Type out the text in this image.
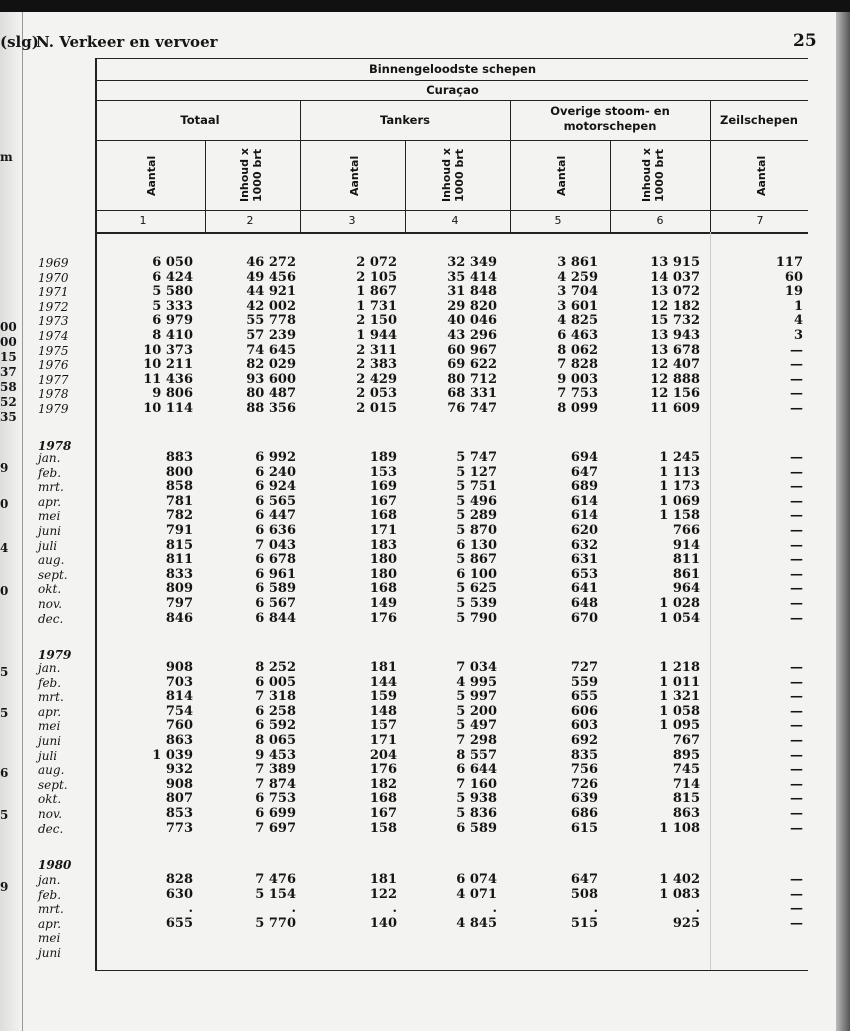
(slg)
N. Verkeer en vervoer	25
Binnengeloodste schepen
Curaçao
Totaal	Tankers
Overige stoom- en motorschepen	Zeilschepen
Aantal	Inhoud x 1000 brt	Aantal	Inhoud x 1000 brt	Aantal	Inhoud x 1000 brt	Aantal
1	2	3	4	5	6	7
1969	6 050	46 272	2 072	32 349	3 861	13 915	117
1970	6 424	49 456	2 105	35 414	4 259	14 037	60
1971	5 580	44 921	1 867	31 848	3 704	13 072	19
1972	5 333	42 002	1 731	29 820	3 601	12 182	1
1973	6 979	55 778	2 150	40 046	4 825	15 732	4
1974	8 410	57 239	1 944	43 296	6 463	13 943	3
1975	10 373	74 645	2 311	60 967	8 062	13 678	—
1976	10 211	82 029	2 383	69 622	7 828	12 407	—
1977	11 436	93 600	2 429	80 712	9 003	12 888	—
1978	9 806	80 487	2 053	68 331	7 753	12 156	—
1979	10 114	88 356	2 015	76 747	8 099	11 609	—
1978
jan.	883	6 992	189	5 747	694	1 245	—
feb.	800	6 240	153	5 127	647	1 113	—
mrt.	858	6 924	169	5 751	689	1 173	—
apr.	781	6 565	167	5 496	614	1 069	—
mei	782	6 447	168	5 289	614	1 158	—
juni	791	6 636	171	5 870	620	766	—
juli	815	7 043	183	6 130	632	914	—
aug.	811	6 678	180	5 867	631	811	—
sept.	833	6 961	180	6 100	653	861	—
okt.	809	6 589	168	5 625	641	964	—
nov.	797	6 567	149	5 539	648	1 028	—
dec.	846	6 844	176	5 790	670	1 054	—
1979
jan.	908	8 252	181	7 034	727	1 218	—
feb.	703	6 005	144	4 995	559	1 011	—
mrt.	814	7 318	159	5 997	655	1 321	—
apr.	754	6 258	148	5 200	606	1 058	—
mei	760	6 592	157	5 497	603	1 095	—
juni	863	8 065	171	7 298	692	767	—
juli	1 039	9 453	204	8 557	835	895	—
aug.	932	7 389	176	6 644	756	745	—
sept.	908	7 874	182	7 160	726	714	—
okt.	807	6 753	168	5 938	639	815	—
nov.	853	6 699	167	5 836	686	863	—
dec.	773	7 697	158	6 589	615	1 108	—
1980
jan.	828	7 476	181	6 074	647	1 402	—
feb.	630	5 154	122	4 071	508	1 083	—
mrt.	.	.	.	.	.	.	—
apr.	655	5 770	140	4 845	515	925	—
mei
juni
m
00
00
15
37
58
52
35
9
0
4
0
5
5
6
5
9
